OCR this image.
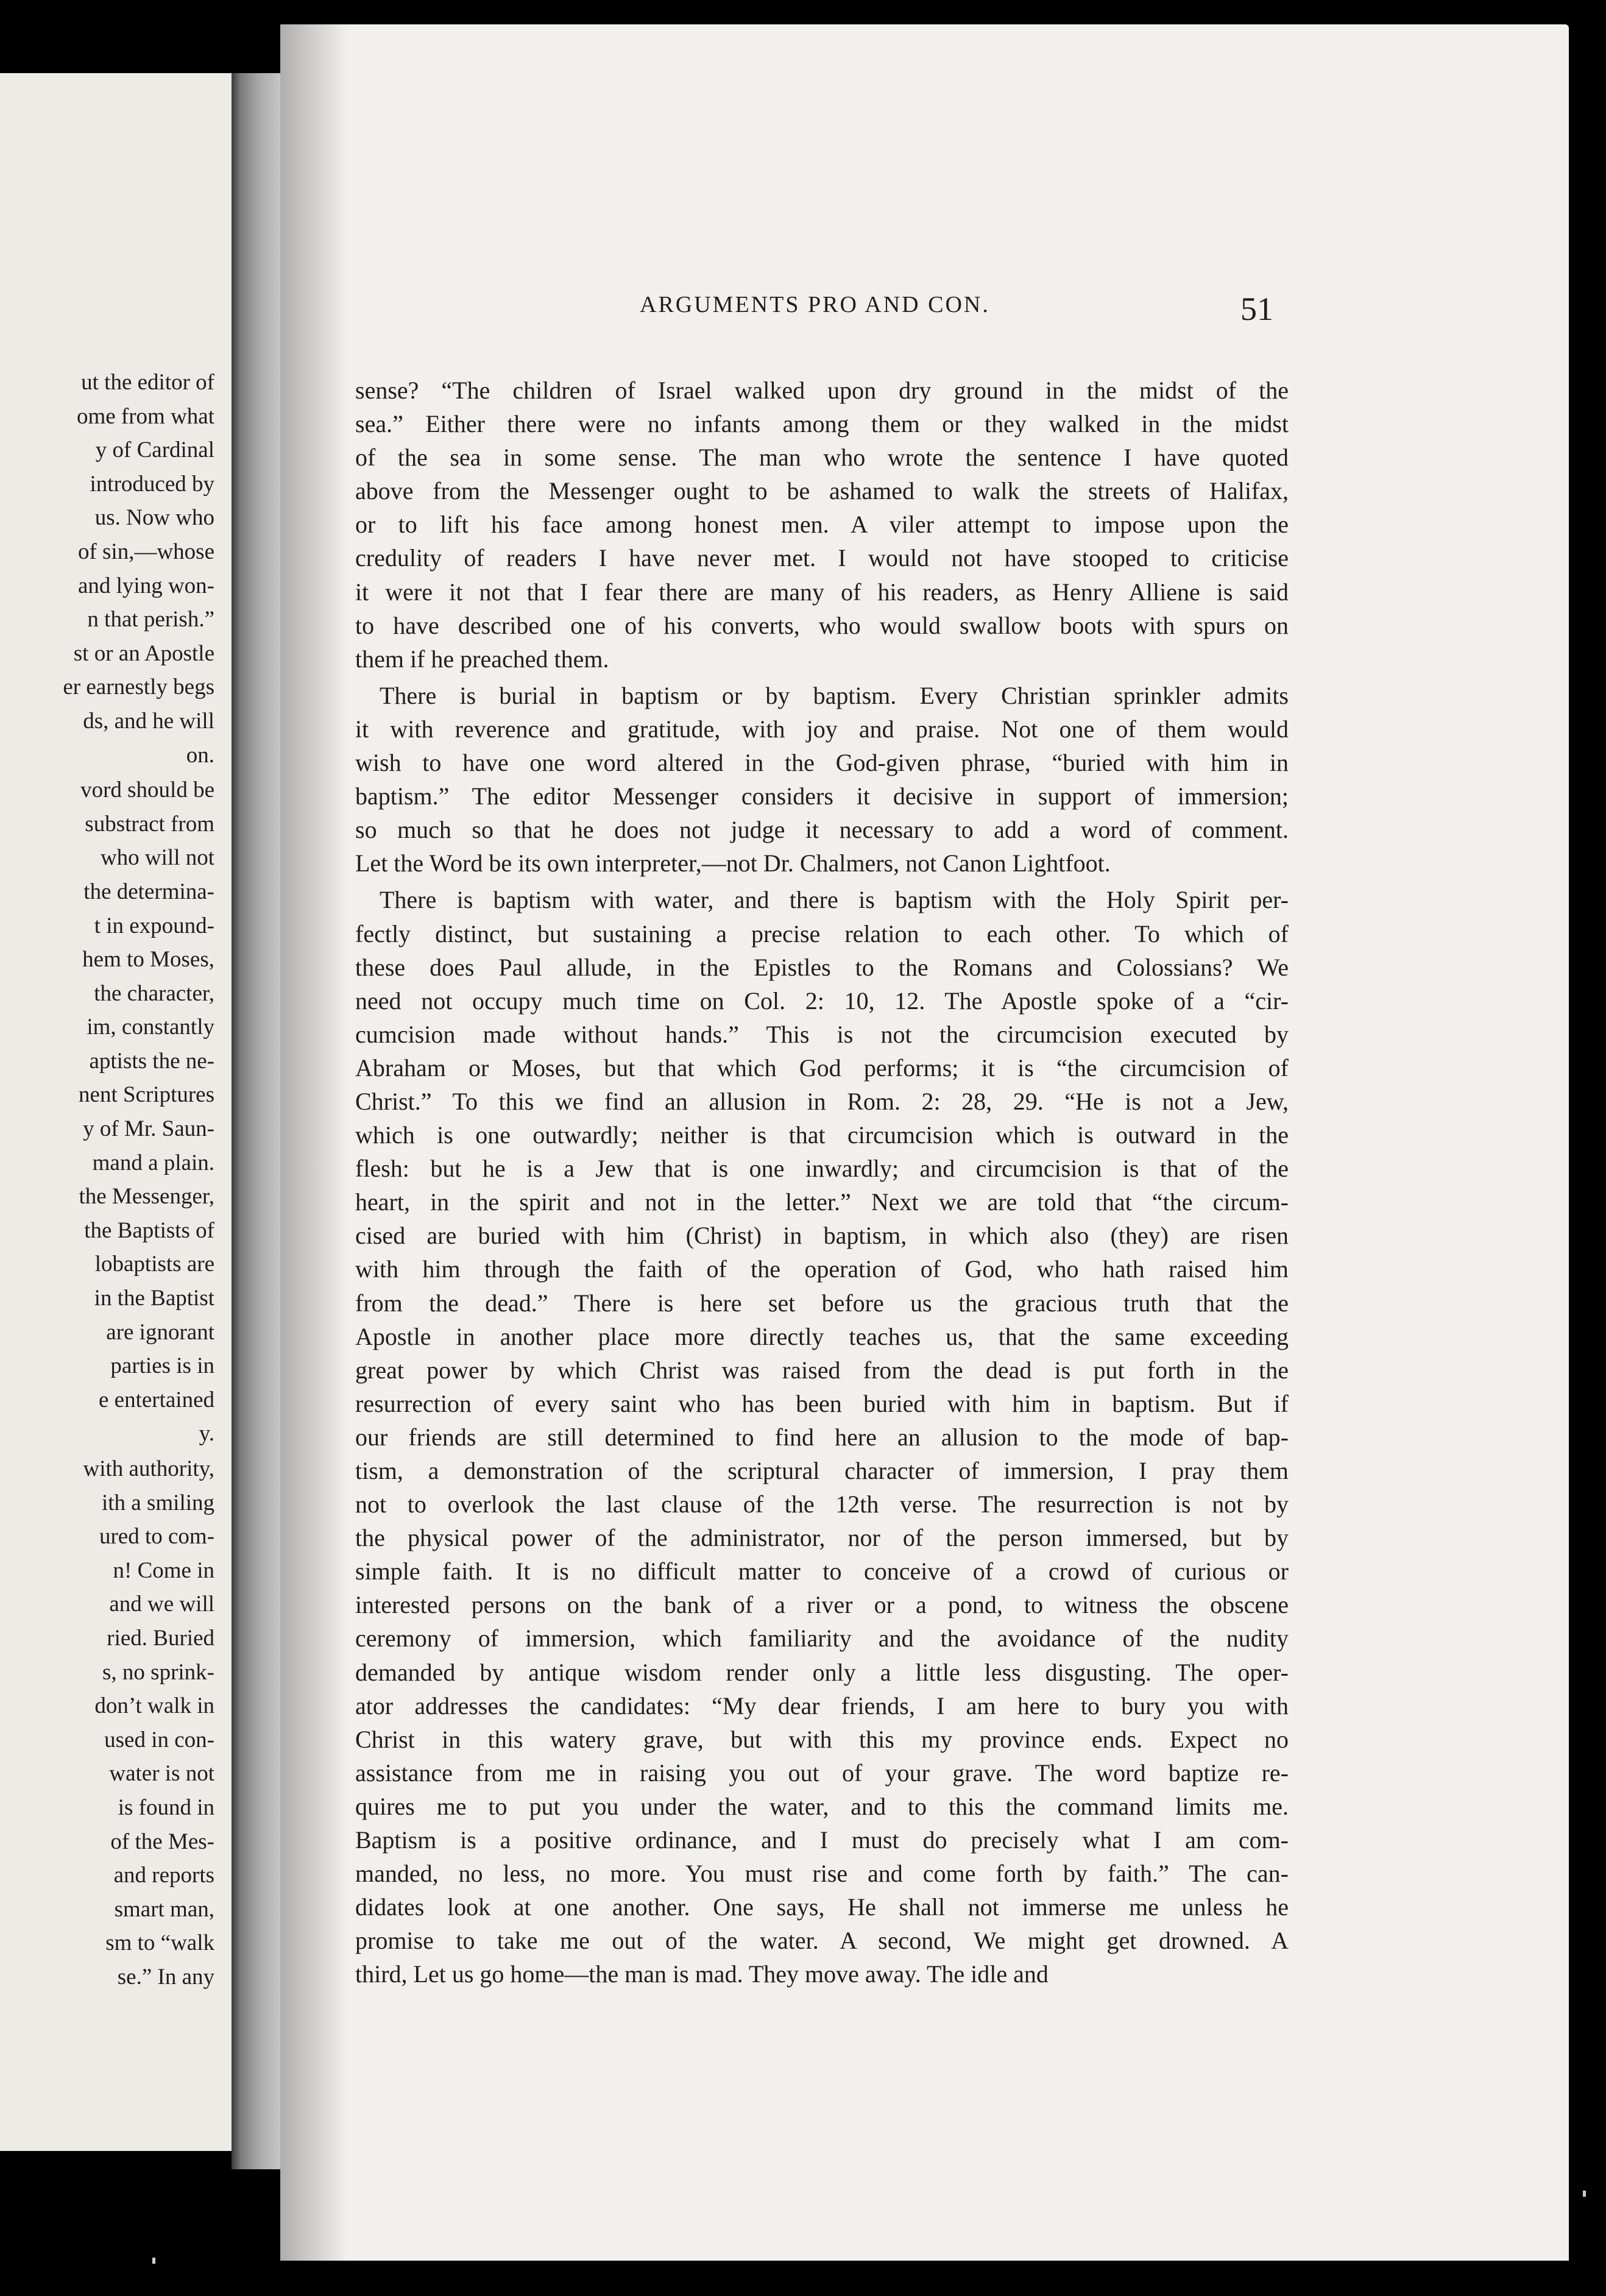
ut the editor of
ome from what
y of Cardinal
introduced by
us. Now who
of sin,—whose
and lying won-
n that perish.”
st or an Apostle
er earnestly begs
ds, and he will
on.
vord should be
substract from
who will not
the determina-
t in expound-
hem to Moses,
the character,
im, constantly
aptists the ne-
nent Scriptures
y of Mr. Saun-
mand a plain.
the Messenger,
the Baptists of
lobaptists are
in the Baptist
are ignorant
parties is in
e entertained
y.
with authority,
ith a smiling
ured to com-
n! Come in
and we will
ried. Buried
s, no sprink-
don’t walk in
used in con-
water is not
is found in
of the Mes-
and reports
smart man,
sm to “walk
se.” In any
ARGUMENTS PRO AND CON.	51
sense? “The children of Israel walked upon dry ground in the midst of the
sea.” Either there were no infants among them or they walked in the midst
of the sea in some sense. The man who wrote the sentence I have quoted
above from the Messenger ought to be ashamed to walk the streets of Halifax,
or to lift his face among honest men. A viler attempt to impose upon the
credulity of readers I have never met. I would not have stooped to criticise
it were it not that I fear there are many of his readers, as Henry Alliene is said
to have described one of his converts, who would swallow boots with spurs on
them if he preached them.
There is burial in baptism or by baptism. Every Christian sprinkler admits
it with reverence and gratitude, with joy and praise. Not one of them would
wish to have one word altered in the God-given phrase, “buried with him in
baptism.” The editor Messenger considers it decisive in support of immersion;
so much so that he does not judge it necessary to add a word of comment.
Let the Word be its own interpreter,—not Dr. Chalmers, not Canon Lightfoot.
There is baptism with water, and there is baptism with the Holy Spirit per-
fectly distinct, but sustaining a precise relation to each other. To which of
these does Paul allude, in the Epistles to the Romans and Colossians? We
need not occupy much time on Col. 2: 10, 12. The Apostle spoke of a “cir-
cumcision made without hands.” This is not the circumcision executed by
Abraham or Moses, but that which God performs; it is “the circumcision of
Christ.” To this we find an allusion in Rom. 2: 28, 29. “He is not a Jew,
which is one outwardly; neither is that circumcision which is outward in the
flesh: but he is a Jew that is one inwardly; and circumcision is that of the
heart, in the spirit and not in the letter.” Next we are told that “the circum-
cised are buried with him (Christ) in baptism, in which also (they) are risen
with him through the faith of the operation of God, who hath raised him
from the dead.” There is here set before us the gracious truth that the
Apostle in another place more directly teaches us, that the same exceeding
great power by which Christ was raised from the dead is put forth in the
resurrection of every saint who has been buried with him in baptism. But if
our friends are still determined to find here an allusion to the mode of bap-
tism, a demonstration of the scriptural character of immersion, I pray them
not to overlook the last clause of the 12th verse. The resurrection is not by
the physical power of the administrator, nor of the person immersed, but by
simple faith. It is no difficult matter to conceive of a crowd of curious or
interested persons on the bank of a river or a pond, to witness the obscene
ceremony of immersion, which familiarity and the avoidance of the nudity
demanded by antique wisdom render only a little less disgusting. The oper-
ator addresses the candidates: “My dear friends, I am here to bury you with
Christ in this watery grave, but with this my province ends. Expect no
assistance from me in raising you out of your grave. The word baptize re-
quires me to put you under the water, and to this the command limits me.
Baptism is a positive ordinance, and I must do precisely what I am com-
manded, no less, no more. You must rise and come forth by faith.” The can-
didates look at one another. One says, He shall not immerse me unless he
promise to take me out of the water. A second, We might get drowned. A
third, Let us go home—the man is mad. They move away. The idle and
